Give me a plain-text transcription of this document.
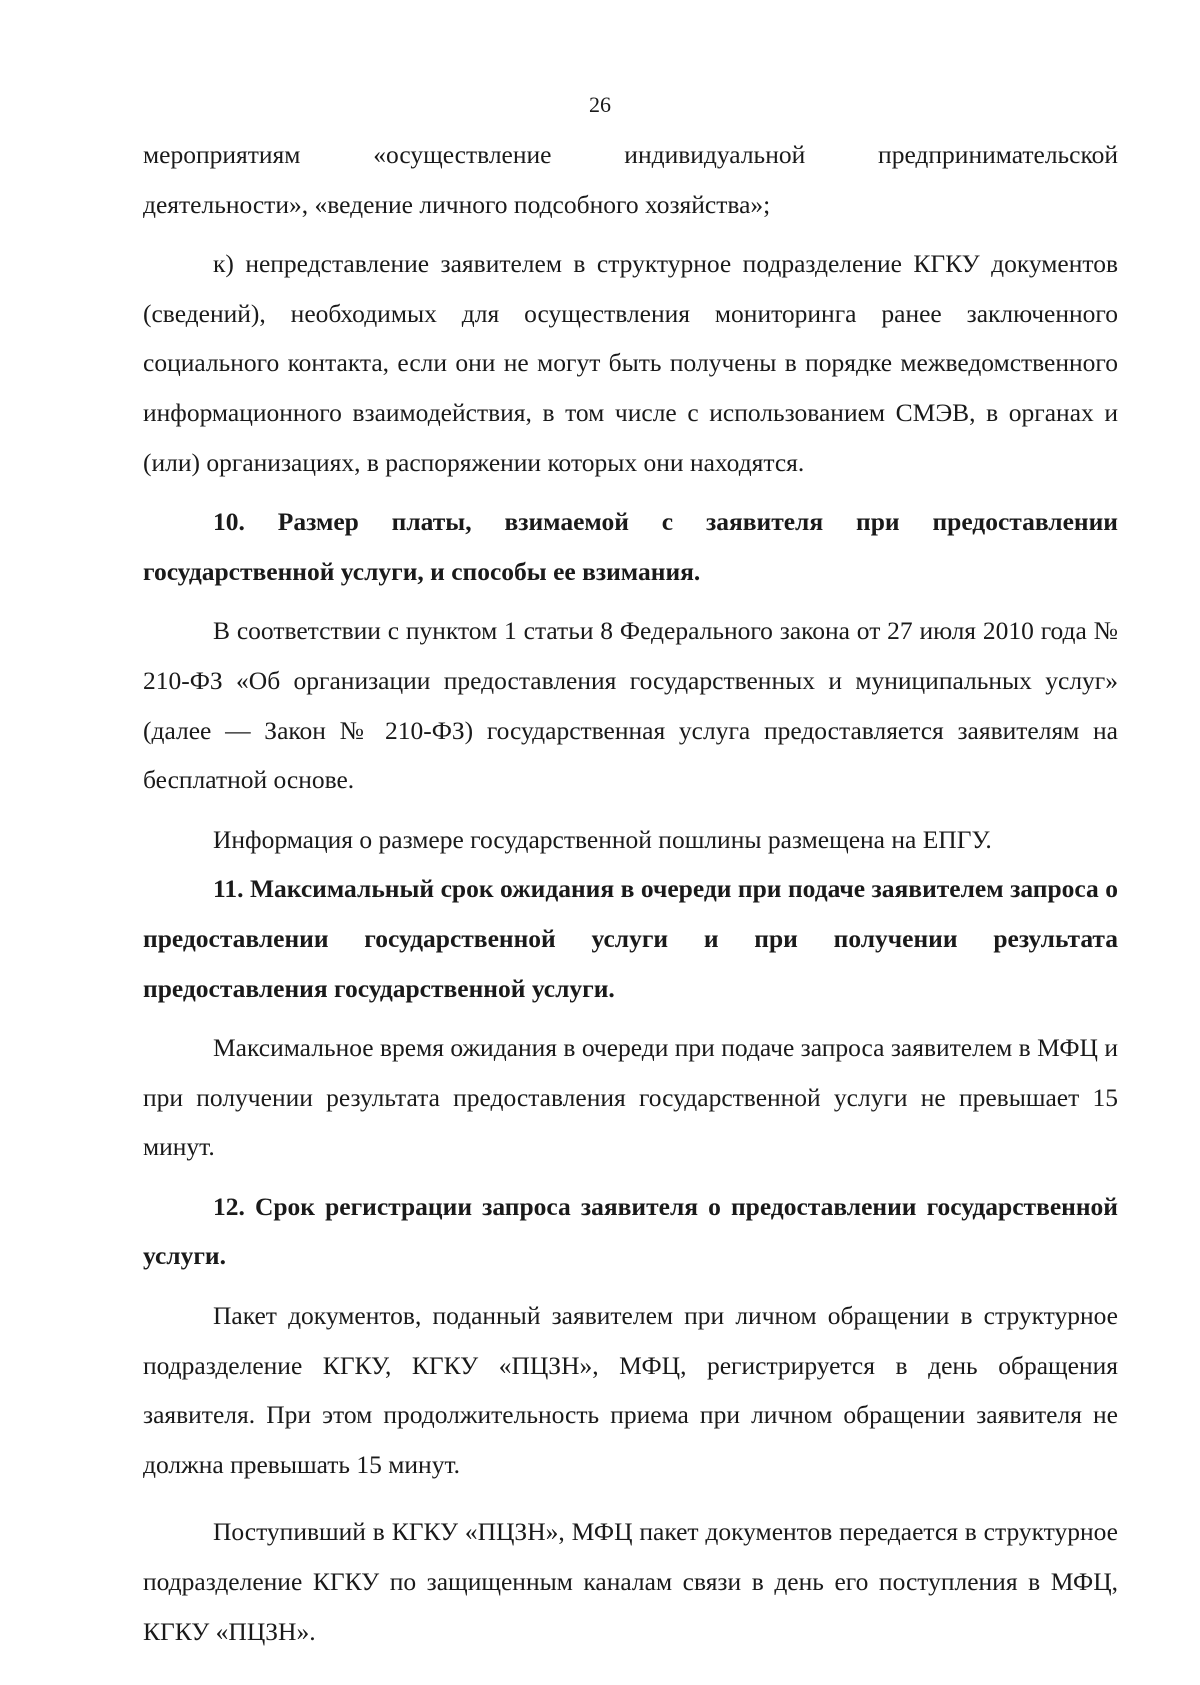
26

мероприятиям «осуществление индивидуальной предпринимательской

деятельности», «ведение личного подсобного хозяйства»;

к) непредставление заявителем в структурное подразделение КГКУ документов (сведений), необходимых для осуществления мониторинга ранее заключенного социального контакта, если они не могут быть получены в порядке межведомственного информационного взаимодействия, в том числе с использованием СМЭВ, в органах и (или) организациях, в распоряжении которых они находятся.

10. Размер платы, взимаемой с заявителя при предоставлении государственной услуги, и способы ее взимания.

В соответствии с пунктом 1 статьи 8 Федерального закона от 27 июля 2010 года № 210-ФЗ «Об организации предоставления государственных и муниципальных услуг» (далее — Закон № 210-ФЗ) государственная услуга предоставляется заявителям на бесплатной основе.

Информация о размере государственной пошлины размещена на ЕПГУ.

11. Максимальный срок ожидания в очереди при подаче заявителем запроса о предоставлении государственной услуги и при получении результата предоставления государственной услуги.

Максимальное время ожидания в очереди при подаче запроса заявителем в МФЦ и при получении результата предоставления государственной услуги не превышает 15 минут.

12. Срок регистрации запроса заявителя о предоставлении государственной услуги.

Пакет документов, поданный заявителем при личном обращении в структурное подразделение КГКУ, КГКУ «ПЦЗН», МФЦ, регистрируется в день обращения заявителя. При этом продолжительность приема при личном обращении заявителя не должна превышать 15 минут.

Поступивший в КГКУ «ПЦЗН», МФЦ пакет документов передается в структурное подразделение КГКУ по защищенным каналам связи в день его поступления в МФЦ, КГКУ «ПЦЗН».
